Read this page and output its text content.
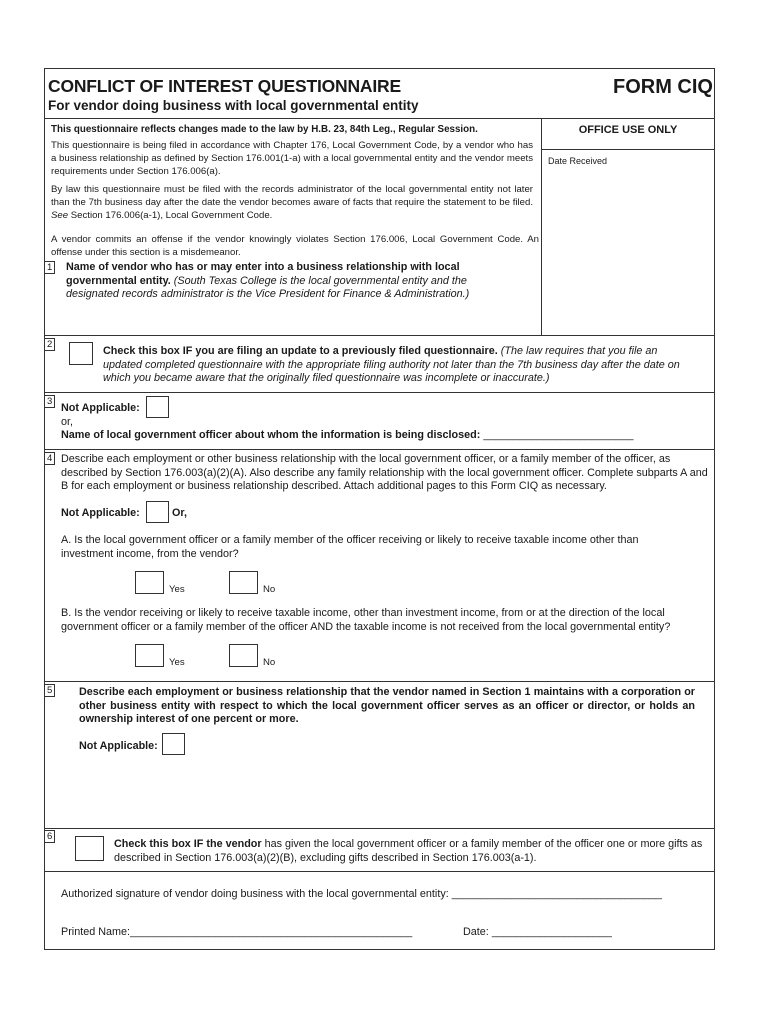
CONFLICT OF INTEREST QUESTIONNAIRE	FORM CIQ
For vendor doing business with local governmental entity
This questionnaire reflects changes made to the law by H.B. 23, 84th Leg., Regular Session.
This questionnaire is being filed in accordance with Chapter 176, Local Government Code, by a vendor who has a business relationship as defined by Section 176.001(1-a) with a local governmental entity and the vendor meets requirements under Section 176.006(a).
By law this questionnaire must be filed with the records administrator of the local governmental entity not later than the 7th business day after the date the vendor becomes aware of facts that require the statement to be filed. See Section 176.006(a-1), Local Government Code.
A vendor commits an offense if the vendor knowingly violates Section 176.006, Local Government Code. An offense under this section is a misdemeanor.
OFFICE USE ONLY
Date Received
1 Name of vendor who has or may enter into a business relationship with local governmental entity. (South Texas College is the local governmental entity and the designated records administrator is the Vice President for Finance & Administration.)
2
Check this box IF you are filing an update to a previously filed questionnaire. (The law requires that you file an updated completed questionnaire with the appropriate filing authority not later than the 7th business day after the date on which you became aware that the originally filed questionnaire was incomplete or inaccurate.)
3
Not Applicable:
or,
Name of local government officer about whom the information is being disclosed: _________________________
4 Describe each employment or other business relationship with the local government officer, or a family member of the officer, as described by Section 176.003(a)(2)(A). Also describe any family relationship with the local government officer. Complete subparts A and B for each employment or business relationship described. Attach additional pages to this Form CIQ as necessary.
Not Applicable:	Or,
A. Is the local government officer or a family member of the officer receiving or likely to receive taxable income other than investment income, from the vendor?
Yes	No
B. Is the vendor receiving or likely to receive taxable income, other than investment income, from or at the direction of the local government officer or a family member of the officer AND the taxable income is not received from the local governmental entity?
Yes	No
5 Describe each employment or business relationship that the vendor named in Section 1 maintains with a corporation or other business entity with respect to which the local government officer serves as an officer or director, or holds an ownership interest of one percent or more.
Not Applicable:
6
Check this box IF the vendor has given the local government officer or a family member of the officer one or more gifts as described in Section 176.003(a)(2)(B), excluding gifts described in Section 176.003(a-1).
Authorized signature of vendor doing business with the local governmental entity: ___________________________________
Printed Name:_______________________________________________	Date: ____________________
